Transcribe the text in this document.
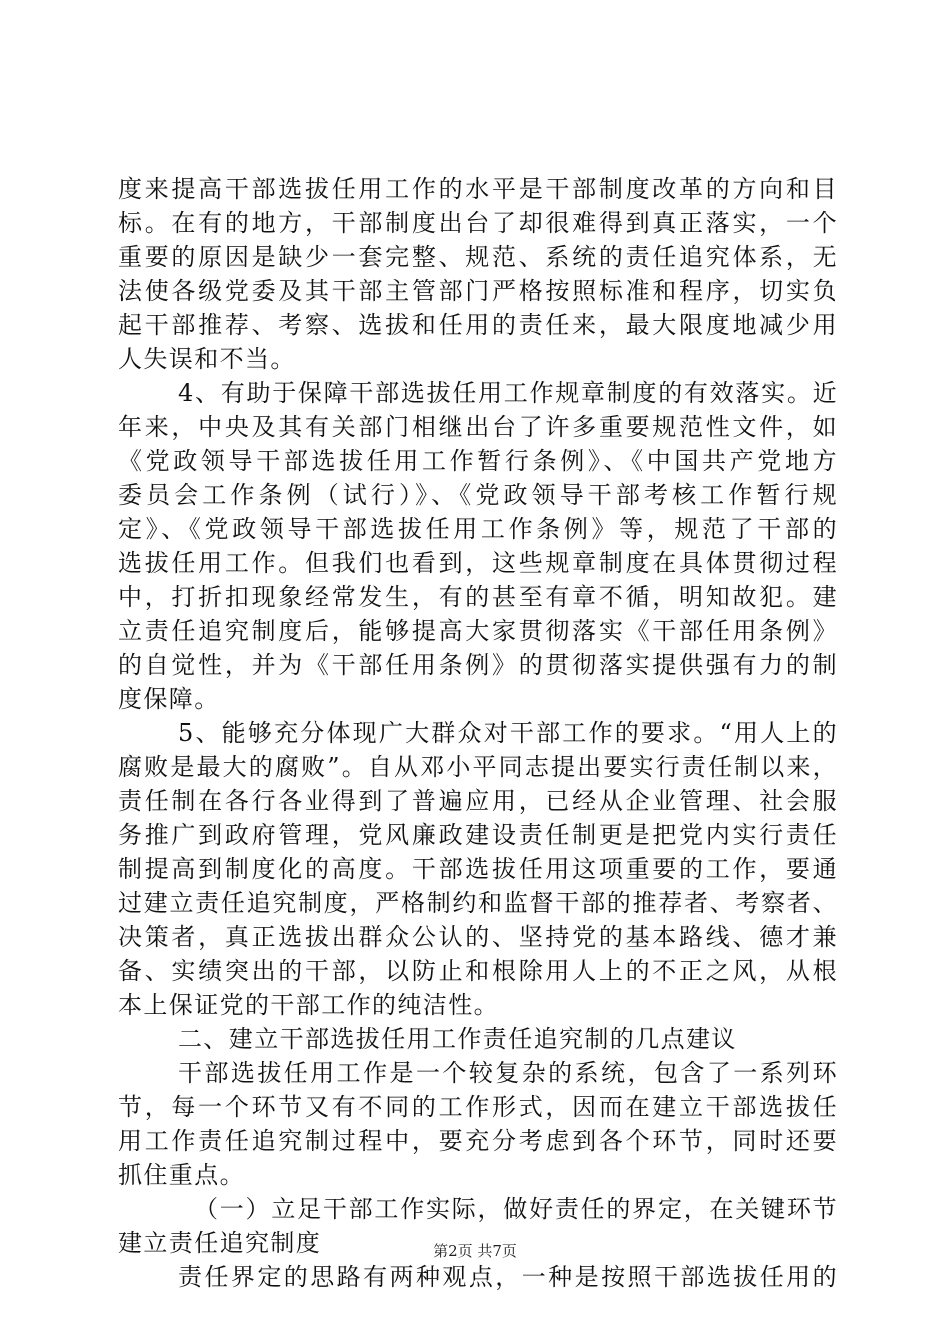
度来提高干部选拔任用工作的水平是干部制度改革的方向和目
标。在有的地方，干部制度出台了却很难得到真正落实，一个
重要的原因是缺少一套完整、规范、系统的责任追究体系，无
法使各级党委及其干部主管部门严格按照标准和程序，切实负
起干部推荐、考察、选拔和任用的责任来，最大限度地减少用
人失误和不当。
4、有助于保障干部选拔任用工作规章制度的有效落实。近
年来，中央及其有关部门相继出台了许多重要规范性文件，如
《党政领导干部选拔任用工作暂行条例》、《中国共产党地方
委员会工作条例（试行）》、《党政领导干部考核工作暂行规
定》、《党政领导干部选拔任用工作条例》等，规范了干部的
选拔任用工作。但我们也看到，这些规章制度在具体贯彻过程
中，打折扣现象经常发生，有的甚至有章不循，明知故犯。建
立责任追究制度后，能够提高大家贯彻落实《干部任用条例》
的自觉性，并为《干部任用条例》的贯彻落实提供强有力的制
度保障。
5、能够充分体现广大群众对干部工作的要求。“用人上的
腐败是最大的腐败”。自从邓小平同志提出要实行责任制以来，
责任制在各行各业得到了普遍应用，已经从企业管理、社会服
务推广到政府管理，党风廉政建设责任制更是把党内实行责任
制提高到制度化的高度。干部选拔任用这项重要的工作，要通
过建立责任追究制度，严格制约和监督干部的推荐者、考察者、
决策者，真正选拔出群众公认的、坚持党的基本路线、德才兼
备、实绩突出的干部，以防止和根除用人上的不正之风，从根
本上保证党的干部工作的纯洁性。
二、建立干部选拔任用工作责任追究制的几点建议
干部选拔任用工作是一个较复杂的系统，包含了一系列环
节，每一个环节又有不同的工作形式，因而在建立干部选拔任
用工作责任追究制过程中，要充分考虑到各个环节，同时还要
抓住重点。
（一）立足干部工作实际，做好责任的界定，在关键环节
建立责任追究制度
责任界定的思路有两种观点，一种是按照干部选拔任用的
第2页 共7页
